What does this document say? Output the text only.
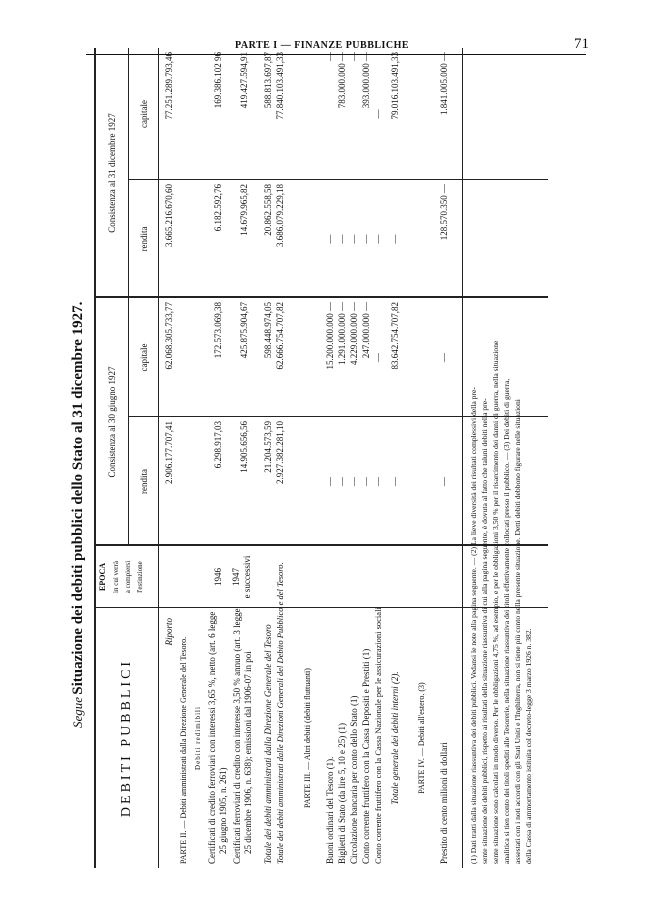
PARTE I — FINANZE PUBBLICHE	71
Segue Situazione dei debiti pubblici dello Stato al 31 dicembre 1927.
DEBITI PUBBLICI
EPOCA in cui verrà a compiersi l'estinzione
Consistenza al 30 giugno 1927
Consistenza al 31 dicembre 1927
rendita
capitale
rendita
capitale
Riporto
2.906.177.707,41
62.068.305.733,77
3.665.216.670,60
77.251.289.793,46
PARTE II. — Debiti amministrati dalla Direzione Generale del Tesoro. Debiti redimibili Certificati di credito ferroviari con interessi 3,65 %, netto (art. 6 legge 25 giugno 1905, n. 261)
1946
6.298.917,03
172.573.069,38
6.182.592,76
169.386.102 96
Certificati ferroviari di credito con interesse 3,50 % annuo (art. 3 legge 25 dicembre 1906, n. 638); emissioni dal 1906-07 in poi
1947 e successivi
14.905.656,56
425.875.904,67
14.679.965,82
419.427.594,91
Totale dei debiti amministrati dalla Direzione Generale del Tesoro
21.204.573,59
598.448.974,05
20.862.558,58
588.813.697,87
Totale dei debiti amministrati dalle Direzioni Generali del Debito Pubblico e del Tesoro.
2.927.382.281,10
62.666.754.707,82
3.686.079.229,18
77.840.103.491,33
PARTE III. — Altri debiti (debiti fluttuanti)
Buoni ordinari del Tesoro (1).
—
15.200.000.000 —
—
—
Biglietti di Stato (da lire 5, 10 e 25) (1)
—
1.291.000.000 —
—
783.000.000 —
Circolazione bancaria per conto dello Stato (1)
—
4.229.000.000 —
—
—
Conto corrente fruttifero con la Cassa Depositi e Prestiti (1)
—
247.000.000 —
—
393.000.000 —
Conto corrente fruttifero con la Cassa Nazionale per le assicurazioni sociali
—
—
—
—
Totale generale dei debiti interni (2).
—
83.642.754.707,82
—
79.016.103.491,33
PARTE IV. — Debiti all'estero. (3)
Prestito di cento milioni di dollari
—
—
128.570.350 —
1.841.005.000 —
(1) Dati tratti dalla situazione riassuntiva dei debiti pubblici. Vedansi le note alla pagina seguente. — (2) La lieve diversità dei risultati complessivi della pre- sente situazione dei debiti pubblici, rispetto ai risultati della situazione riassuntiva di cui alla pagina seguente, è dovuta al fatto che taluni debiti nella pre- sente situazione sono calcolati in modo diverso. Per le obbligazioni 4,75 %, ad esempio, e per le obbligazioni 3,50 % per il risarcimento dei danni di guerra, nella situazione analitica si tien conto dei titoli spediti alle Tesorerie, nella situazione riassuntiva dei titoli effettivamente collocati presso il pubblico. — (3) Dei debiti di guerra, assestati con i noti accordi con gli Stati Uniti e l'Inghilterra, non si tiene più conto nella presente situazione. Detti debiti debbono figurare nelle situazioni della Cassa di ammortamento istituita col decreto-legge 3 marzo 1926 n. 382.
